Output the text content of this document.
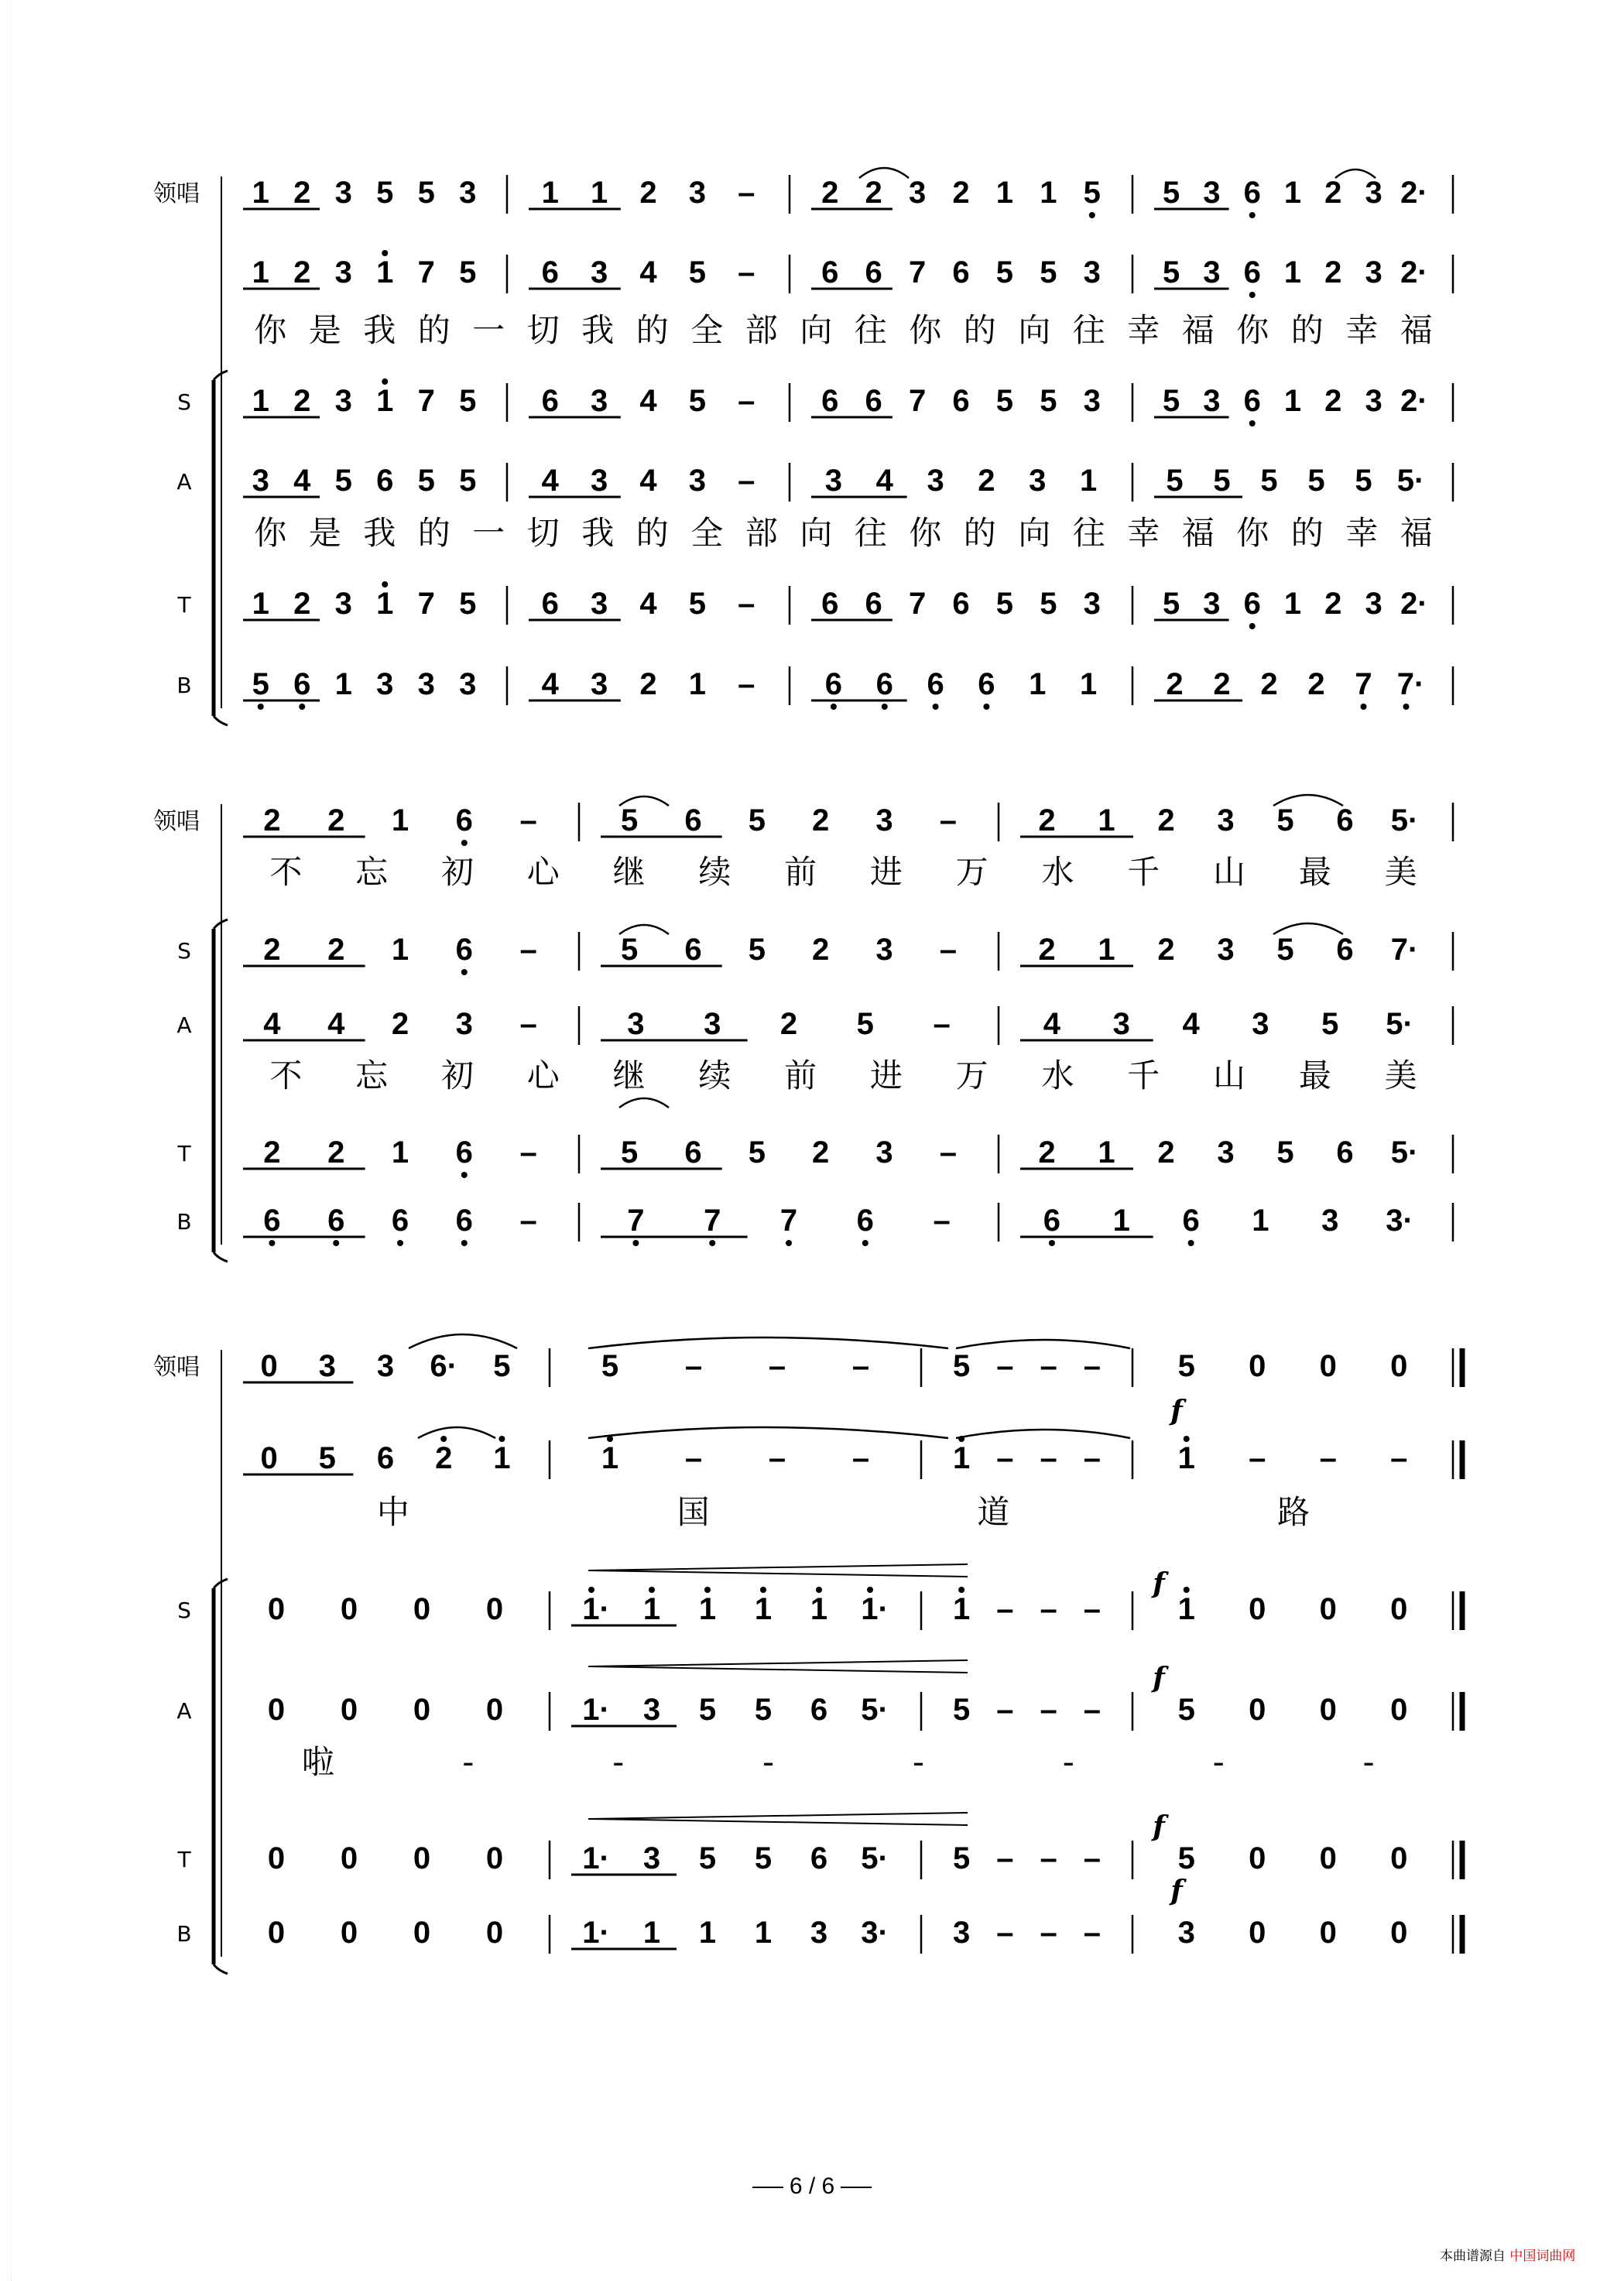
领唱 1 2 3 5 5 3 1 1 2 3 – 2 2 3 2 1 1 5 5 3 6 1 2 3 2·
1 2 3 1 7 5 6 3 4 5 – 6 6 7 6 5 5 3 5 3 6 1 2 3 2·
你 是 我 的 一 切 我 的 全 部 向 往 你 的 向 往 幸 福 你 的 幸 福
S 1 2 3 1 7 5 6 3 4 5 – 6 6 7 6 5 5 3 5 3 6 1 2 3 2·
A 3 4 5 6 5 5 4 3 4 3 – 3 4 3 2 3 1 5 5 5 5 5 5·
你 是 我 的 一 切 我 的 全 部 向 往 你 的 向 往 幸 福 你 的 幸 福
T 1 2 3 1 7 5 6 3 4 5 – 6 6 7 6 5 5 3 5 3 6 1 2 3 2·
B 5 6 1 3 3 3 4 3 2 1 – 6 6 6 6 1 1 2 2 2 2 7 7·
领唱 2 2 1 6 –	5 6 5 2 3 –	2 1 2 3 5 6 5·
不 忘 初 心 继 续 前 进 万 水 千 山 最 美
S 2 2 1 6 –	5 6 5 2 3 –	2 1 2 3 5 6 7·
A 4 4 2 3 –	3 3 2 5 –	4 3 4 3 5 5·
不 忘 初 心 继 续 前 进 万 水 千 山 最 美
T 2 2 1 6 –	5 6 5 2 3 –	2 1 2 3 5 6 5·
B 6 6 6 6 –	7 7 7 6 –	6 1 6 1 3 3·
领唱 0 3 3 6· 5	5 – – –	5 – – – 5 0 0 0
0 5 6 2 1	1 – – –	1 – – – 1 – – –
中	国	道	路
S 0 0 0 0	1· 1 1 1 1 1· 1 – – – 1 0 0 0
A 0 0 0 0	1· 3 5 5 6 5· 5 – – – 5 0 0 0
啦	-	-	-	-	-	-	-
T 0 0 0 0	1· 3 5 5 6 5· 5 – – – 5 0 0 0
B 0 0 0 0	1· 1 1 1 3 3· 3 – – – 3 0 0 0
f
f
f
f
f
6 / 6
本曲谱源自 中国词曲网
